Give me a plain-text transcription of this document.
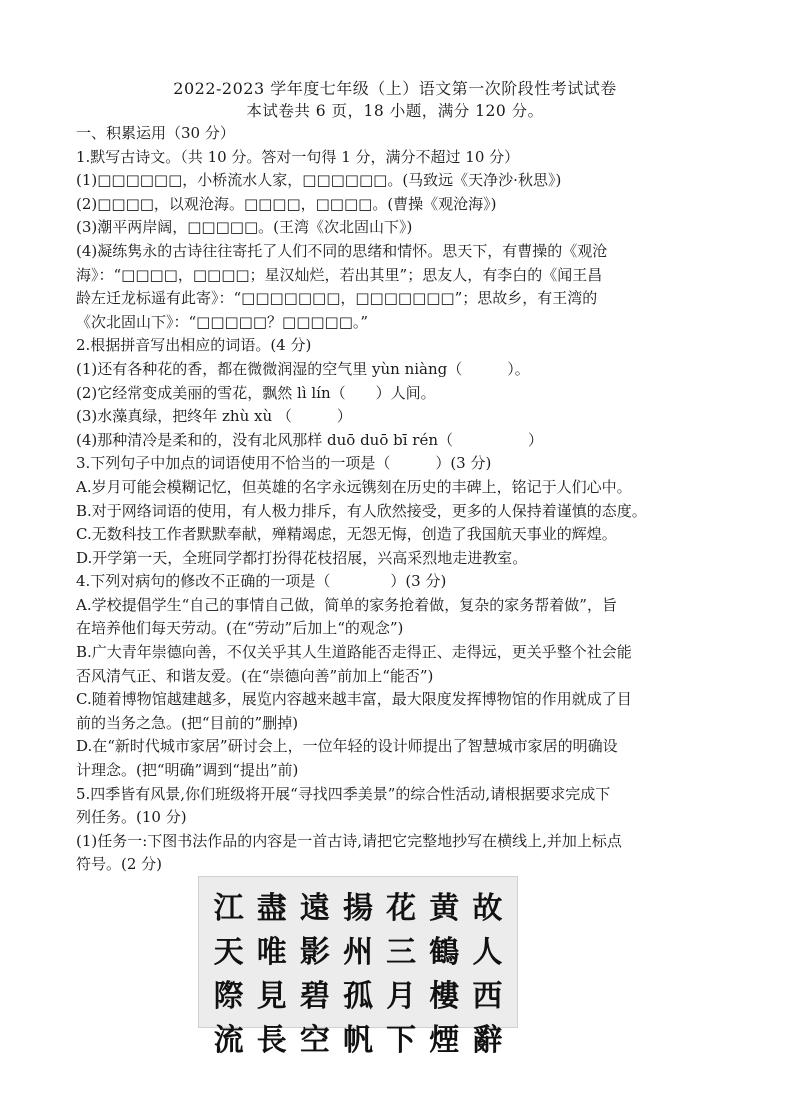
2022-2023 学年度七年级（上）语文第一次阶段性考试试卷
本试卷共 6 页，18 小题，满分 120 分。
一、积累运用（30 分）
1.默写古诗文。（共 10 分。答对一句得 1 分，满分不超过 10 分）
(1)□□□□□□，小桥流水人家，□□□□□□。(马致远《天净沙·秋思》)
(2)□□□□，以观沧海。□□□□，□□□□。(曹操《观沧海》)
(3)潮平两岸阔，□□□□□。(王湾《次北固山下》)
(4)凝练隽永的古诗往往寄托了人们不同的思绪和情怀。思天下，有曹操的《观沧
海》：“□□□□，□□□□；星汉灿烂，若出其里”；思友人，有李白的《闻王昌
龄左迁龙标遥有此寄》：“□□□□□□□，□□□□□□□”；思故乡，有王湾的
《次北固山下》：“□□□□□？□□□□□。”
2.根据拼音写出相应的词语。(4 分)
(1)还有各种花的香，都在微微润湿的空气里 yùn niàng（　　　）。
(2)它经常变成美丽的雪花，飘然 lì lín（　　）人间。
(3)水藻真绿，把终年 zhù xù （　　　）
(4)那种清冷是柔和的，没有北风那样 duō duō bī rén（　　　　　）
3.下列句子中加点的词语使用不恰当的一项是（　　　）(3 分)
A.岁月可能会模糊记忆，但英雄的名字永远镌刻在历史的丰碑上，铭记于人们心中。
B.对于网络词语的使用，有人极力排斥，有人欣然接受，更多的人保持着谨慎的态度。
C.无数科技工作者默默奉献，殚精竭虑，无怨无悔，创造了我国航天事业的辉煌。
D.开学第一天，全班同学都打扮得花枝招展，兴高采烈地走进教室。
4.下列对病句的修改不正确的一项是（　　　　）(3 分)
A.学校提倡学生“自己的事情自己做，简单的家务抢着做，复杂的家务帮着做”，旨
在培养他们每天劳动。(在“劳动”后加上“的观念”)
B.广大青年崇德向善，不仅关乎其人生道路能否走得正、走得远，更关乎整个社会能
否风清气正、和谐友爱。(在“崇德向善”前加上“能否”)
C.随着博物馆越建越多，展览内容越来越丰富，最大限度发挥博物馆的作用就成了目
前的当务之急。(把“目前的”删掉)
D.在“新时代城市家居”研讨会上，一位年轻的设计师提出了智慧城市家居的明确设
计理念。(把“明确”调到“提出”前)
5.四季皆有风景,你们班级将开展“寻找四季美景”的综合性活动,请根据要求完成下
列任务。(10 分)
(1)任务一:下图书法作品的内容是一首古诗,请把它完整地抄写在横线上,并加上标点
符号。(2 分)
江 盡 遠 揚 花 黄 故
天 唯 影 州 三 鶴 人
際 見 碧 孤 月 樓 西
流 長 空 帆 下 煙 辭
